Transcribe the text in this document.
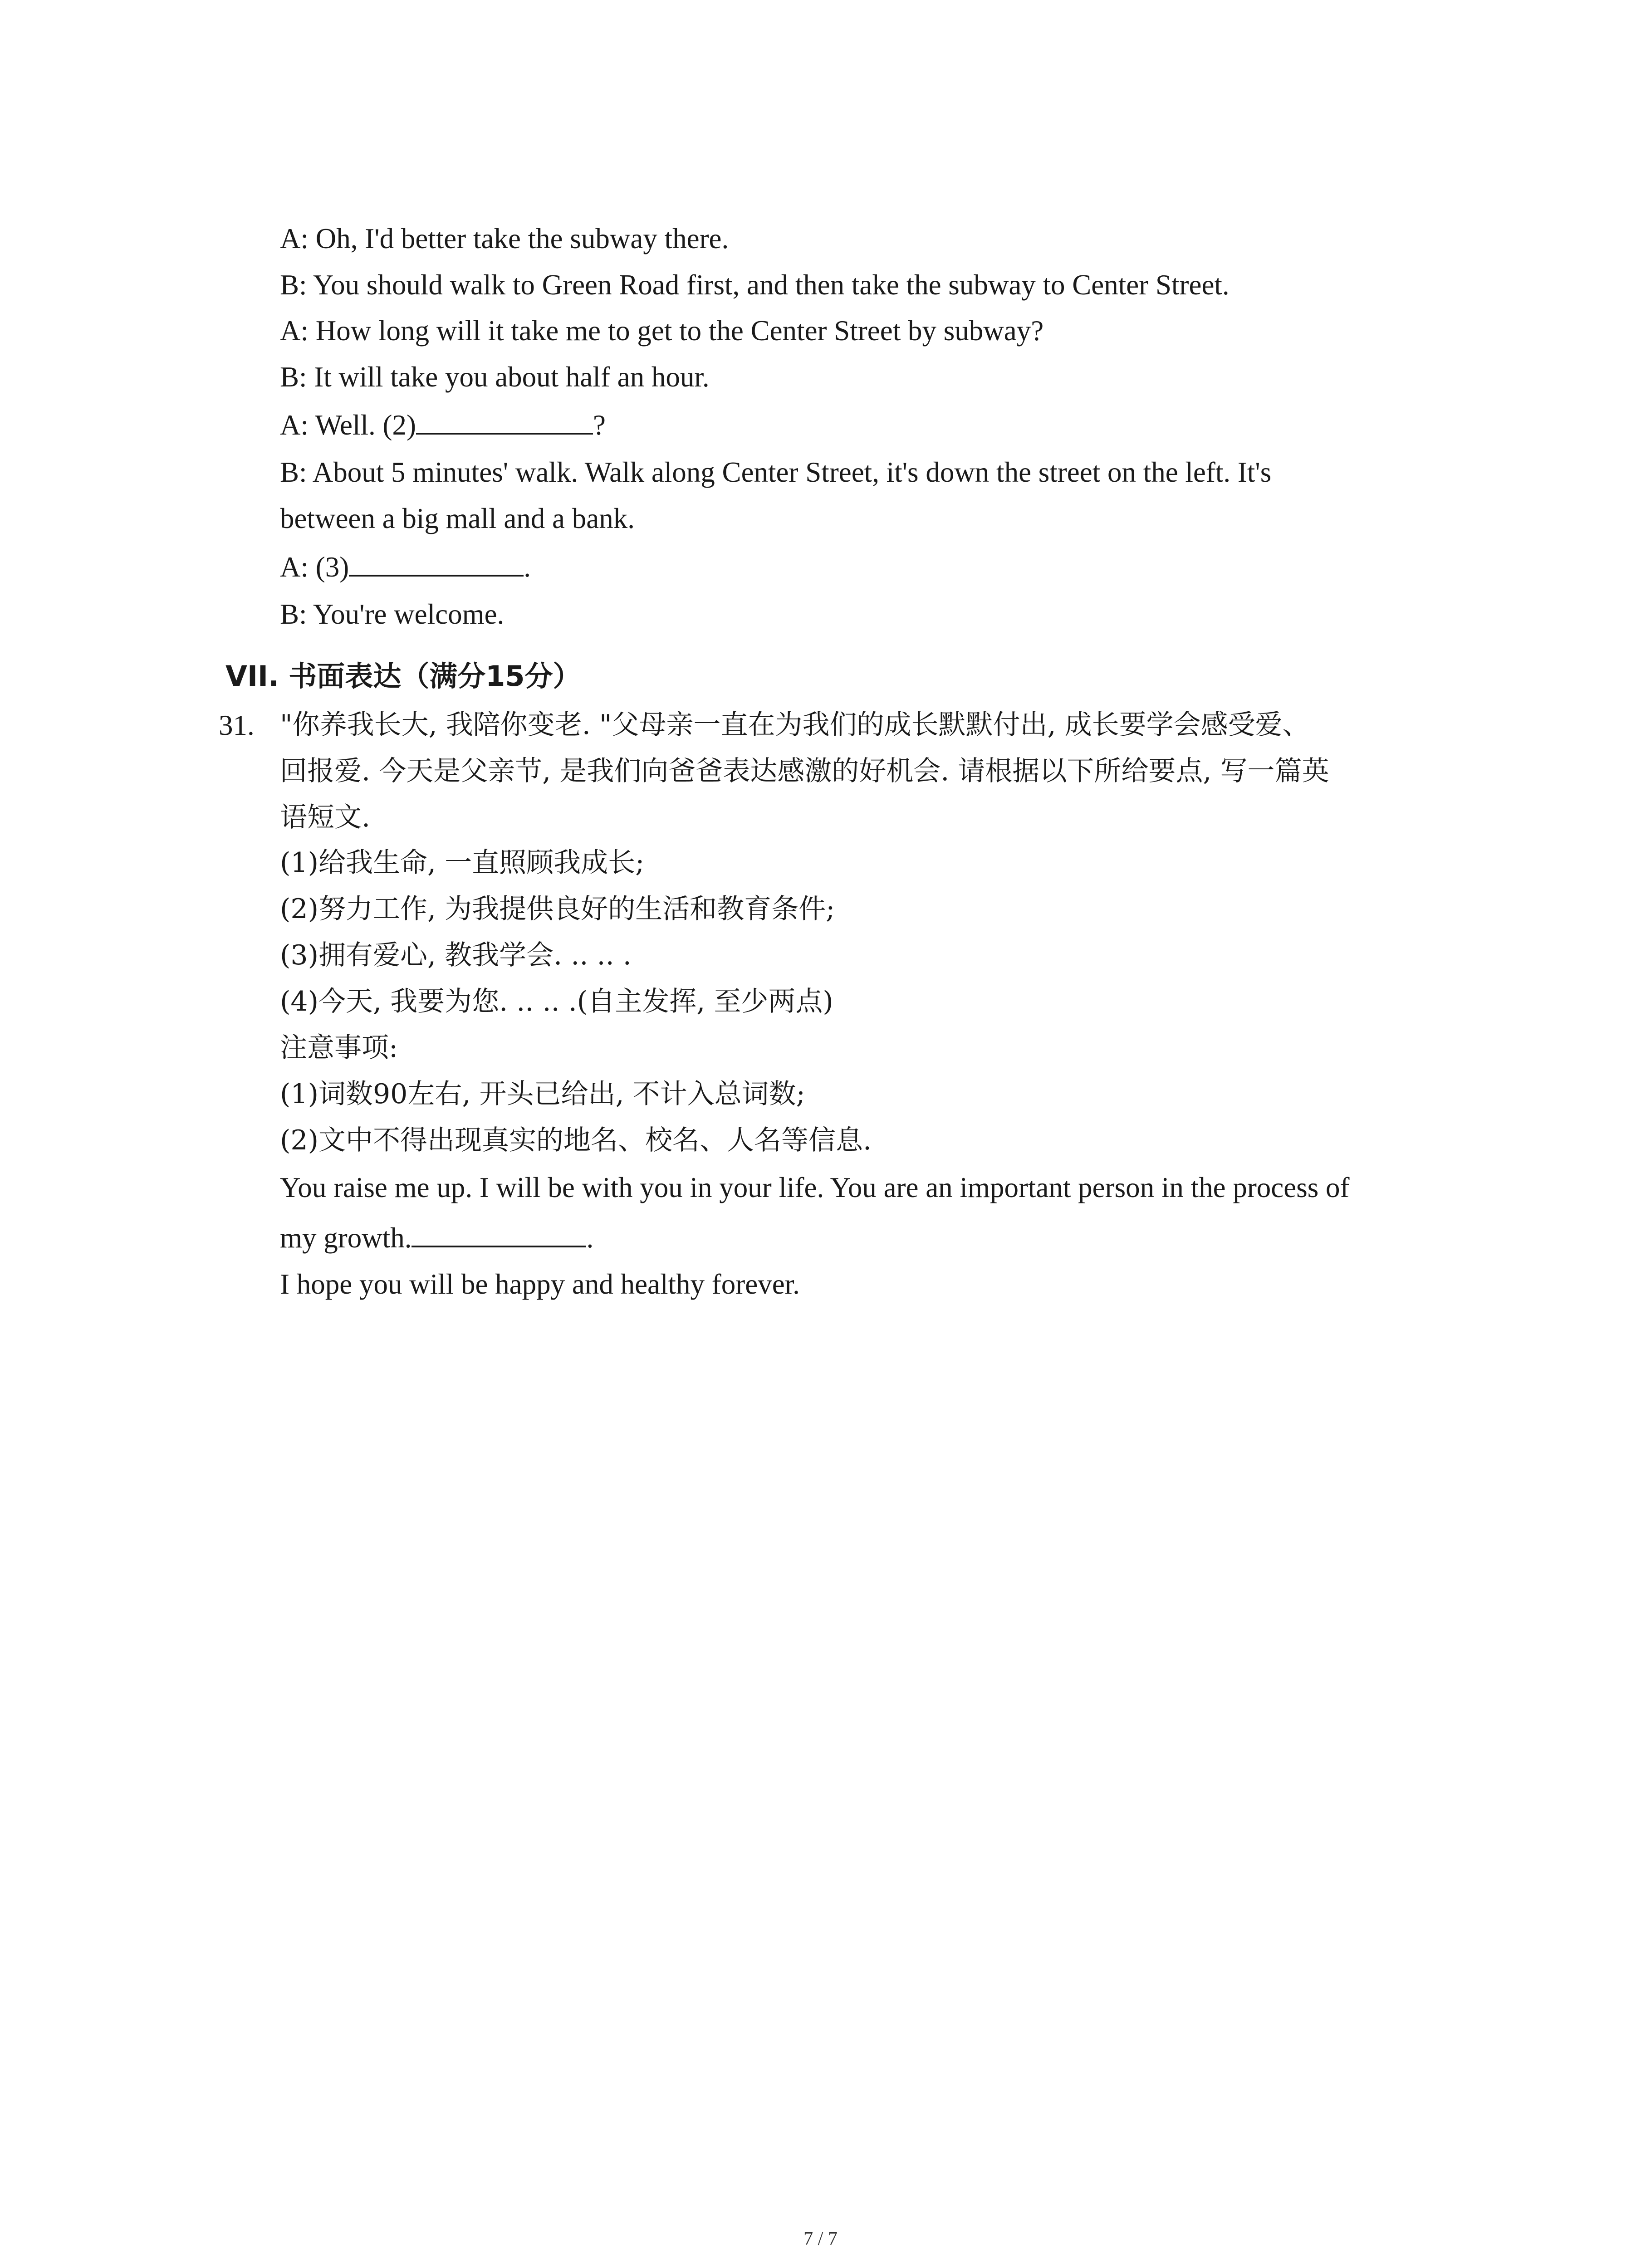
A: Oh, I'd better take the subway there.
B: You should walk to Green Road first, and then take the subway to Center Street.
A: How long will it take me to get to the Center Street by subway?
B: It will take you about half an hour.
A: Well. (2)	?
B: About 5 minutes' walk. Walk along Center Street, it's down the street on the left. It's
between a big mall and a bank.
A: (3)	.
B: You're welcome.
VII. 书面表达（满分15分）
31. "你养我长大, 我陪你变老. "父母亲一直在为我们的成长默默付出, 成长要学会感受爱、
回报爱. 今天是父亲节, 是我们向爸爸表达感激的好机会. 请根据以下所给要点, 写一篇英
语短文.
(1)给我生命, 一直照顾我成长;
(2)努力工作, 为我提供良好的生活和教育条件;
(3)拥有爱心, 教我学会. .. .. .
(4)今天, 我要为您. .. .. .(自主发挥, 至少两点)
注意事项:
(1)词数90左右, 开头已给出, 不计入总词数;
(2)文中不得出现真实的地名、校名、人名等信息.
You raise me up. I will be with you in your life. You are an important person in the process of
my growth.	.
I hope you will be happy and healthy forever.
7 / 7
